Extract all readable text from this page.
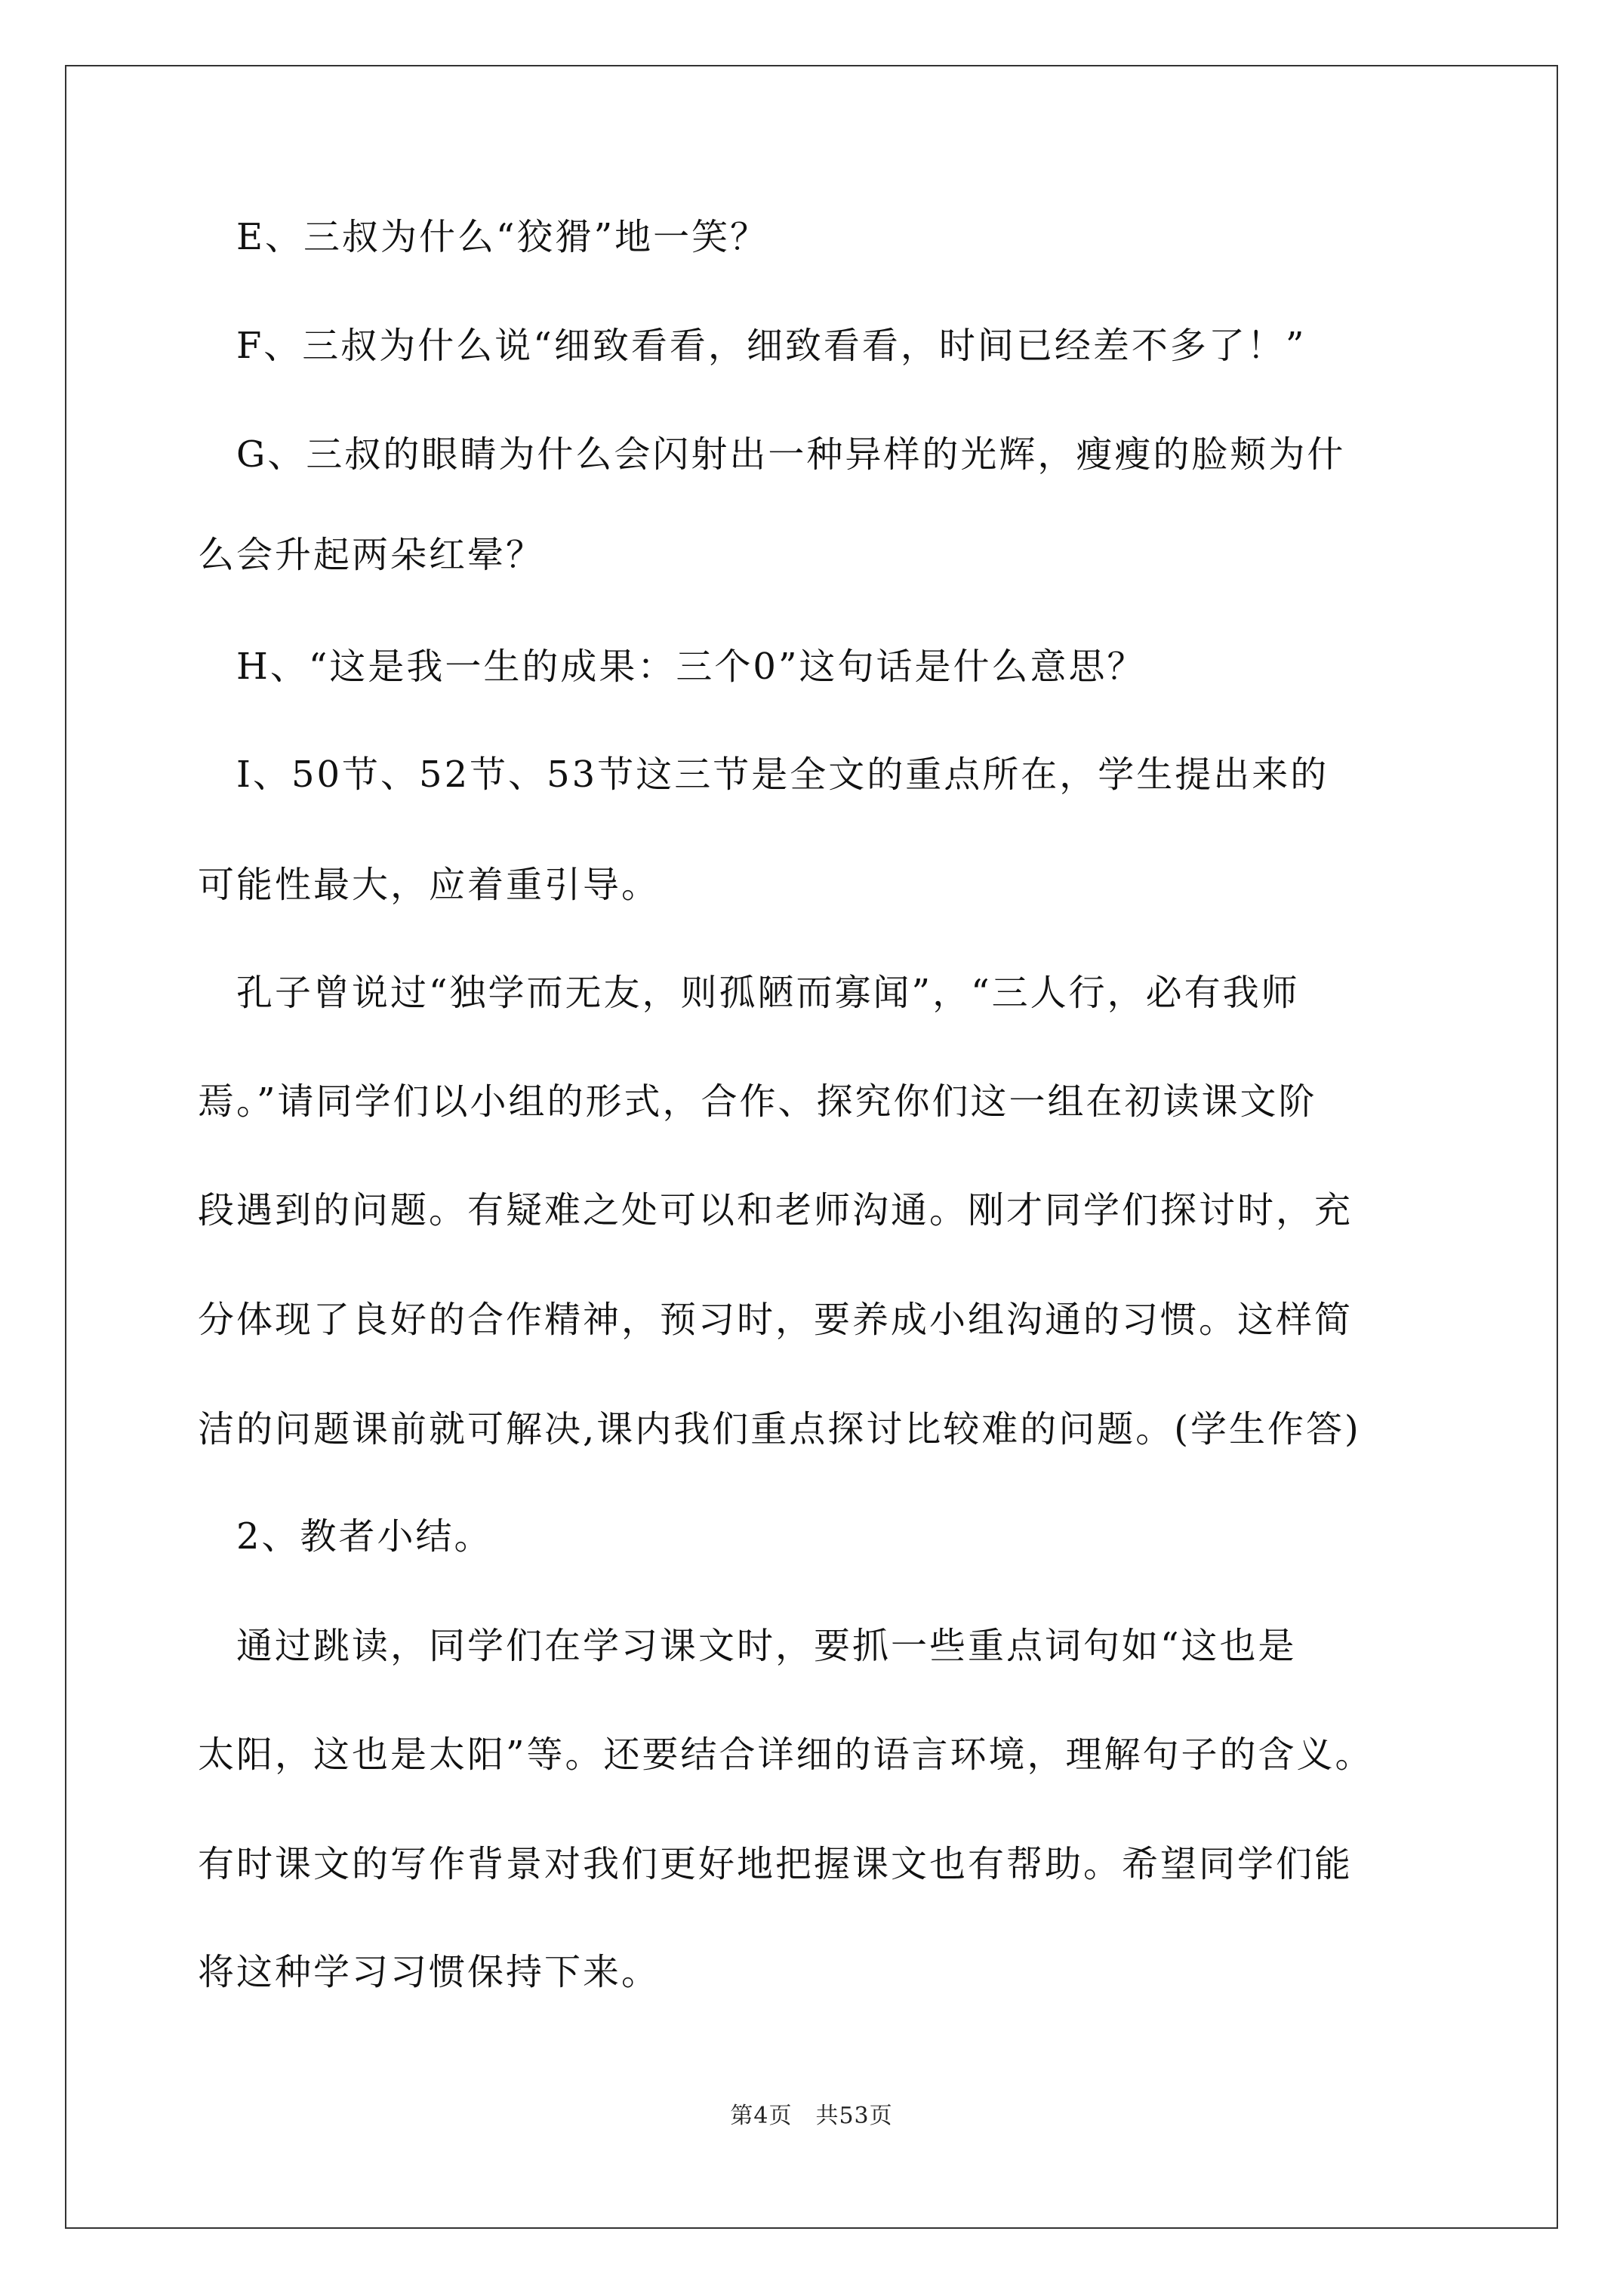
　E、三叔为什么“狡猾”地一笑？
　F、三叔为什么说“细致看看，细致看看，时间已经差不多了！”
　G、三叔的眼睛为什么会闪射出一种异样的光辉，瘦瘦的脸颊为什
么会升起两朵红晕？
　H、“这是我一生的成果：三个0”这句话是什么意思？
　I、50节、52节、53节这三节是全文的重点所在，学生提出来的
可能性最大，应着重引导。
　孔子曾说过“独学而无友，则孤陋而寡闻”，“三人行，必有我师
焉。”请同学们以小组的形式，合作、探究你们这一组在初读课文阶
段遇到的问题。有疑难之处可以和老师沟通。刚才同学们探讨时，充
分体现了良好的合作精神，预习时，要养成小组沟通的习惯。这样简
洁的问题课前就可解决,课内我们重点探讨比较难的问题。(学生作答)
　2、教者小结。
　通过跳读，同学们在学习课文时，要抓一些重点词句如“这也是
太阳，这也是太阳”等。还要结合详细的语言环境，理解句子的含义。
有时课文的写作背景对我们更好地把握课文也有帮助。希望同学们能
将这种学习习惯保持下来。
第4页　共53页
